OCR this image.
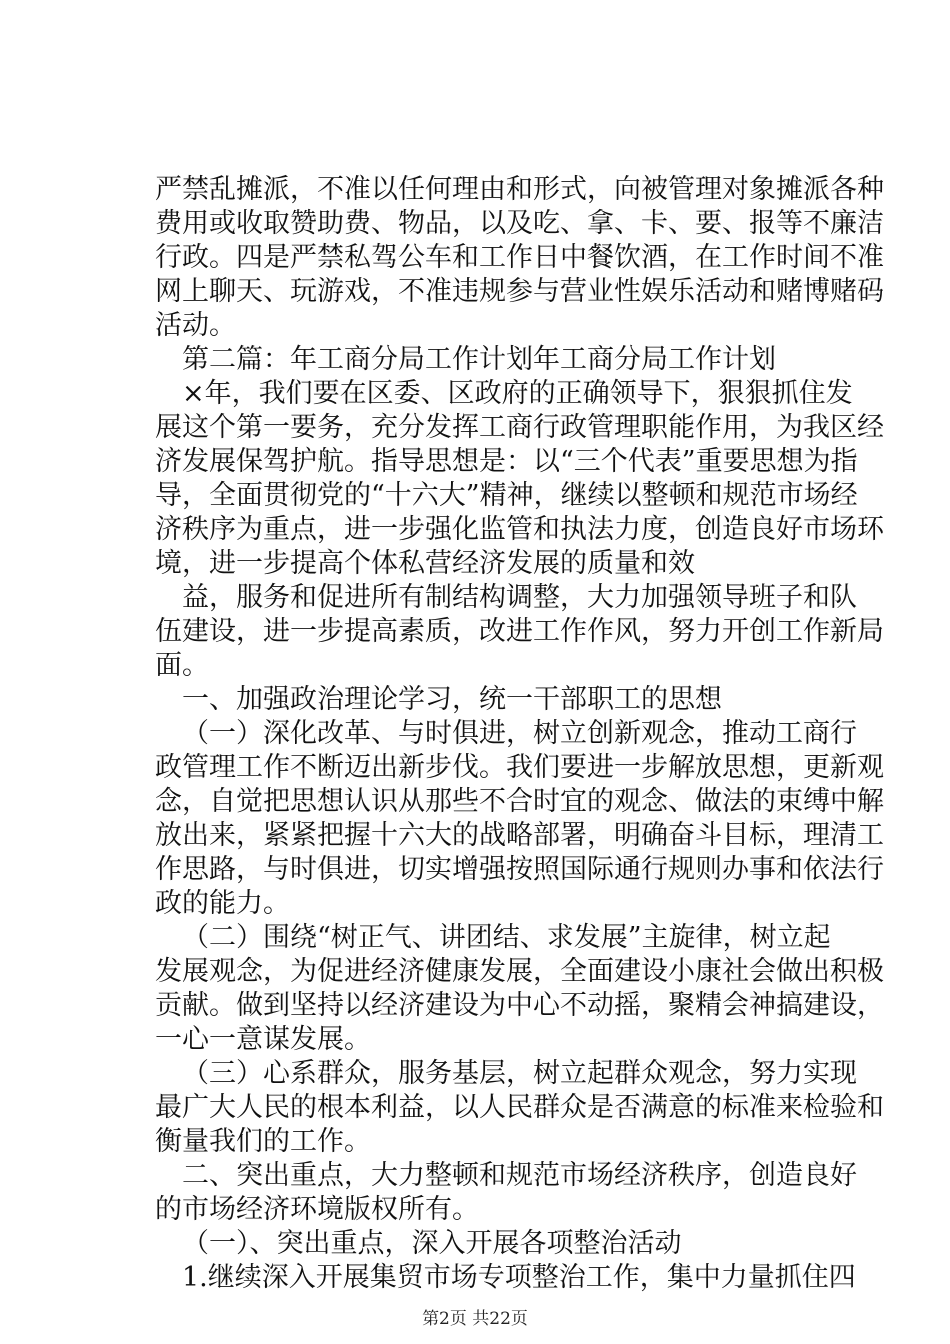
严禁乱摊派，不准以任何理由和形式，向被管理对象摊派各种
费用或收取赞助费、物品，以及吃、拿、卡、要、报等不廉洁
行政。四是严禁私驾公车和工作日中餐饮酒，在工作时间不准
网上聊天、玩游戏，不准违规参与营业性娱乐活动和赌博赌码
活动。
第二篇：年工商分局工作计划年工商分局工作计划
×年，我们要在区委、区政府的正确领导下，狠狠抓住发
展这个第一要务，充分发挥工商行政管理职能作用，为我区经
济发展保驾护航。指导思想是：以“三个代表”重要思想为指
导，全面贯彻党的“十六大”精神，继续以整顿和规范市场经
济秩序为重点，进一步强化监管和执法力度，创造良好市场环
境，进一步提高个体私营经济发展的质量和效
益，服务和促进所有制结构调整，大力加强领导班子和队
伍建设，进一步提高素质，改进工作作风，努力开创工作新局
面。
一、加强政治理论学习，统一干部职工的思想
（一）深化改革、与时俱进，树立创新观念，推动工商行
政管理工作不断迈出新步伐。我们要进一步解放思想，更新观
念，自觉把思想认识从那些不合时宜的观念、做法的束缚中解
放出来，紧紧把握十六大的战略部署，明确奋斗目标，理清工
作思路，与时俱进，切实增强按照国际通行规则办事和依法行
政的能力。
（二）围绕“树正气、讲团结、求发展”主旋律，树立起
发展观念，为促进经济健康发展，全面建设小康社会做出积极
贡献。做到坚持以经济建设为中心不动摇，聚精会神搞建设，
一心一意谋发展。
（三）心系群众，服务基层，树立起群众观念，努力实现
最广大人民的根本利益，以人民群众是否满意的标准来检验和
衡量我们的工作。
二、突出重点，大力整顿和规范市场经济秩序，创造良好
的市场经济环境版权所有。
（一）、突出重点，深入开展各项整治活动
1.继续深入开展集贸市场专项整治工作，集中力量抓住四
第2页 共22页
